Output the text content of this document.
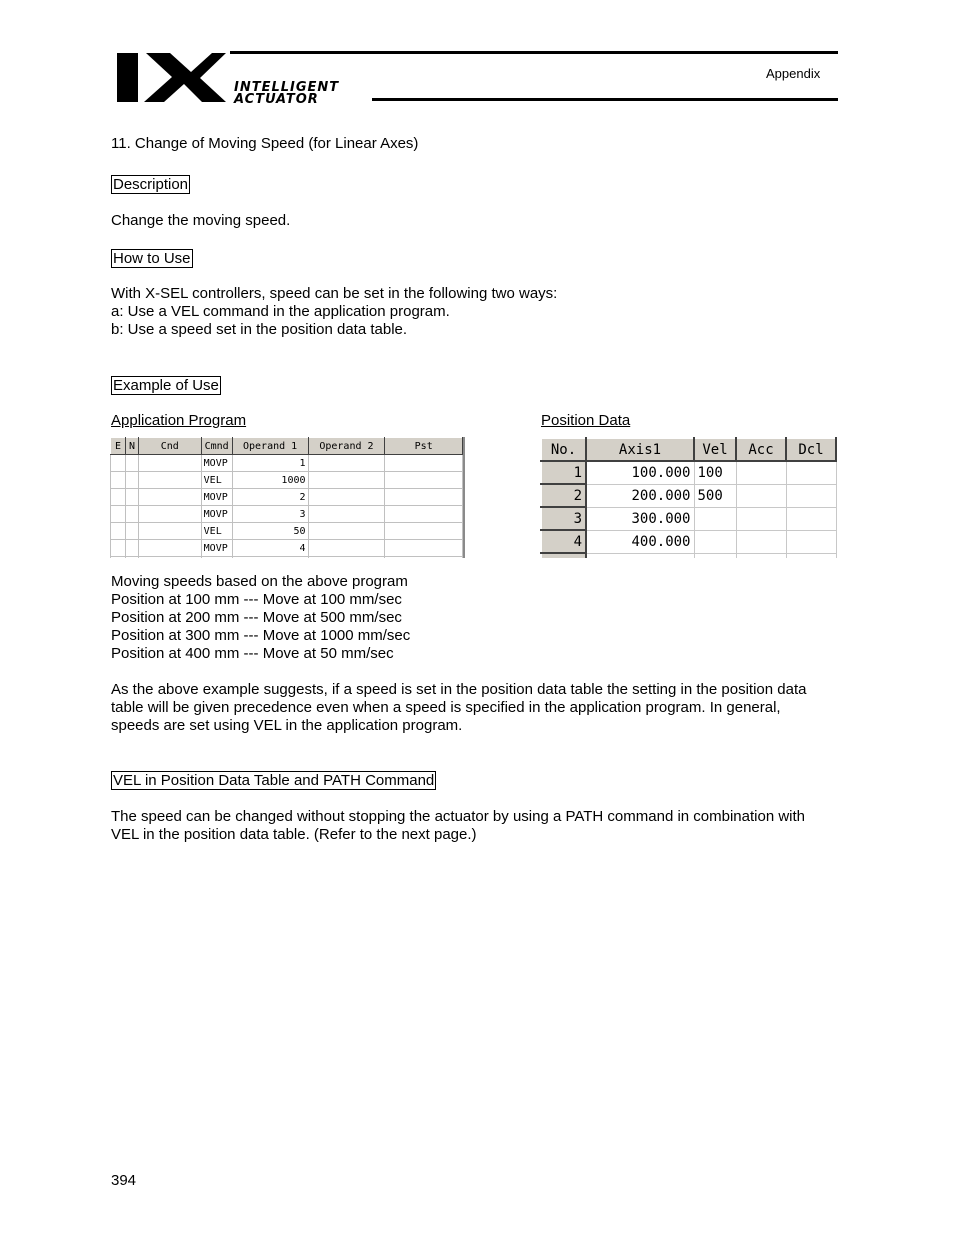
INTELLIGENT
ACTUATOR
Appendix
11. Change of Moving Speed (for Linear Axes)
Description
Change the moving speed.
How to Use
With X-SEL controllers, speed can be set in the following two ways:
a: Use a VEL command in the application program.
b: Use a speed set in the position data table.
Example of Use
Application Program	Position Data
E	N	Cnd	Cmnd	Operand 1	Operand 2	Pst
			MOVP	1		
			VEL	1000		
			MOVP	2		
			MOVP	3		
			VEL	50		
			MOVP	4		

No.	Axis1	Vel	Acc	Dcl
1	100.000	100		
2	200.000	500		
3	300.000			
4	400.000			

Moving speeds based on the above program
Position at 100 mm --- Move at 100 mm/sec
Position at 200 mm --- Move at 500 mm/sec
Position at 300 mm --- Move at 1000 mm/sec
Position at 400 mm --- Move at 50 mm/sec
As the above example suggests, if a speed is set in the position data table the setting in the position data
table will be given precedence even when a speed is specified in the application program. In general,
speeds are set using VEL in the application program.
VEL in Position Data Table and PATH Command
The speed can be changed without stopping the actuator by using a PATH command in combination with
VEL in the position data table. (Refer to the next page.)
394
